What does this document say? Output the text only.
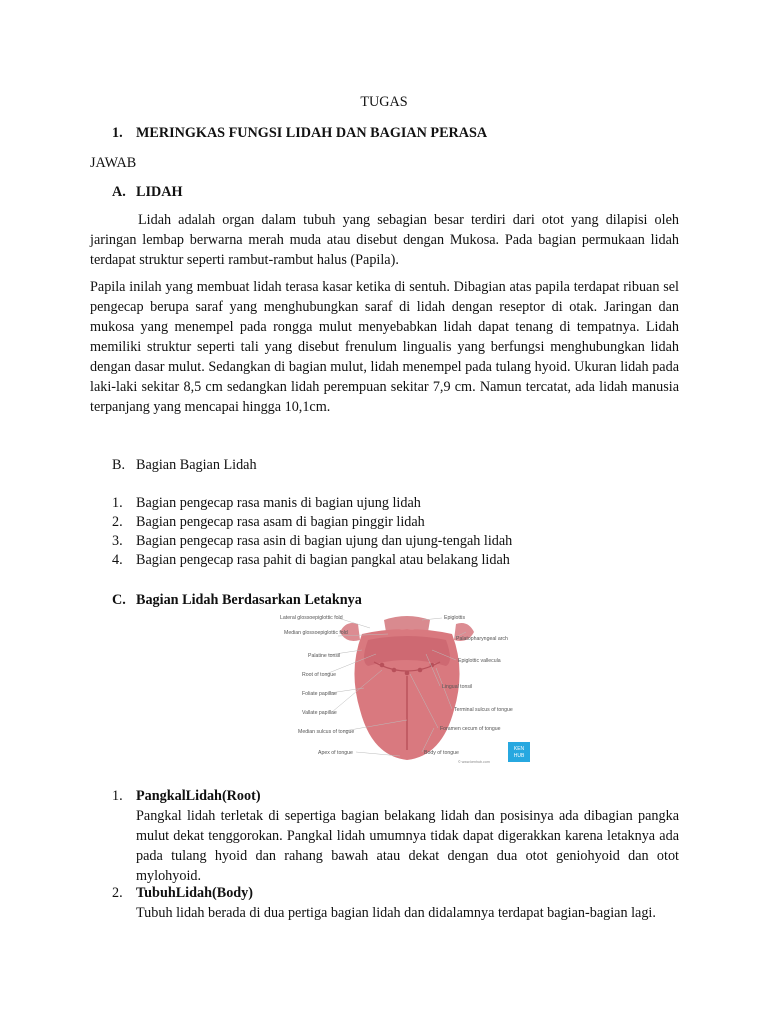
TUGAS
1. MERINGKAS FUNGSI LIDAH DAN BAGIAN PERASA
JAWAB
A. LIDAH
Lidah adalah organ dalam tubuh yang sebagian besar terdiri dari otot yang dilapisi oleh jaringan lembap berwarna merah muda atau disebut dengan Mukosa. Pada bagian permukaan lidah terdapat struktur seperti rambut-rambut halus (Papila).
Papila inilah yang membuat lidah terasa kasar ketika di sentuh. Dibagian atas papila terdapat ribuan sel pengecap berupa saraf yang menghubungkan saraf di lidah dengan reseptor di otak. Jaringan dan mukosa yang menempel pada rongga mulut menyebabkan lidah dapat tenang di tempatnya. Lidah memiliki struktur seperti tali yang disebut frenulum lingualis yang berfungsi menghubungkan lidah dengan dasar mulut. Sedangkan di bagian mulut, lidah menempel pada tulang hyoid. Ukuran lidah pada laki-laki sekitar 8,5 cm sedangkan lidah perempuan sekitar 7,9 cm. Namun tercatat, ada lidah manusia terpanjang yang mencapai hingga 10,1cm.
B. Bagian Bagian Lidah
1. Bagian pengecap rasa manis di bagian ujung lidah
2. Bagian pengecap rasa asam di bagian pinggir lidah
3. Bagian pengecap rasa asin di bagian ujung dan ujung-tengah lidah
4. Bagian pengecap rasa pahit di bagian pangkal atau belakang lidah
C. Bagian Lidah Berdasarkan Letaknya
Lateral glossoepiglottic fold
Median glossoepiglottic fold
Palatine tonsil
Root of tongue
Foliate papillae
Vallate papillae
Median sulcus of tongue
Apex of tongue
Epiglottis
Palatopharyngeal arch
Epiglottic vallecula
Lingual tonsil
Terminal sulcus of tongue
Foramen cecum of tongue
Body of tongue
KEN
HUB
© www.kenhub.com
1. PangkalLidah(Root)
Pangkal lidah terletak di sepertiga bagian belakang lidah dan posisinya ada dibagian pangka mulut dekat tenggorokan. Pangkal lidah umumnya tidak dapat digerakkan karena letaknya ada pada tulang hyoid dan rahang bawah atau dekat dengan dua otot geniohyoid dan otot mylohyoid.
2. TubuhLidah(Body)
Tubuh lidah berada di dua pertiga bagian lidah dan didalamnya terdapat bagian-bagian lagi.
